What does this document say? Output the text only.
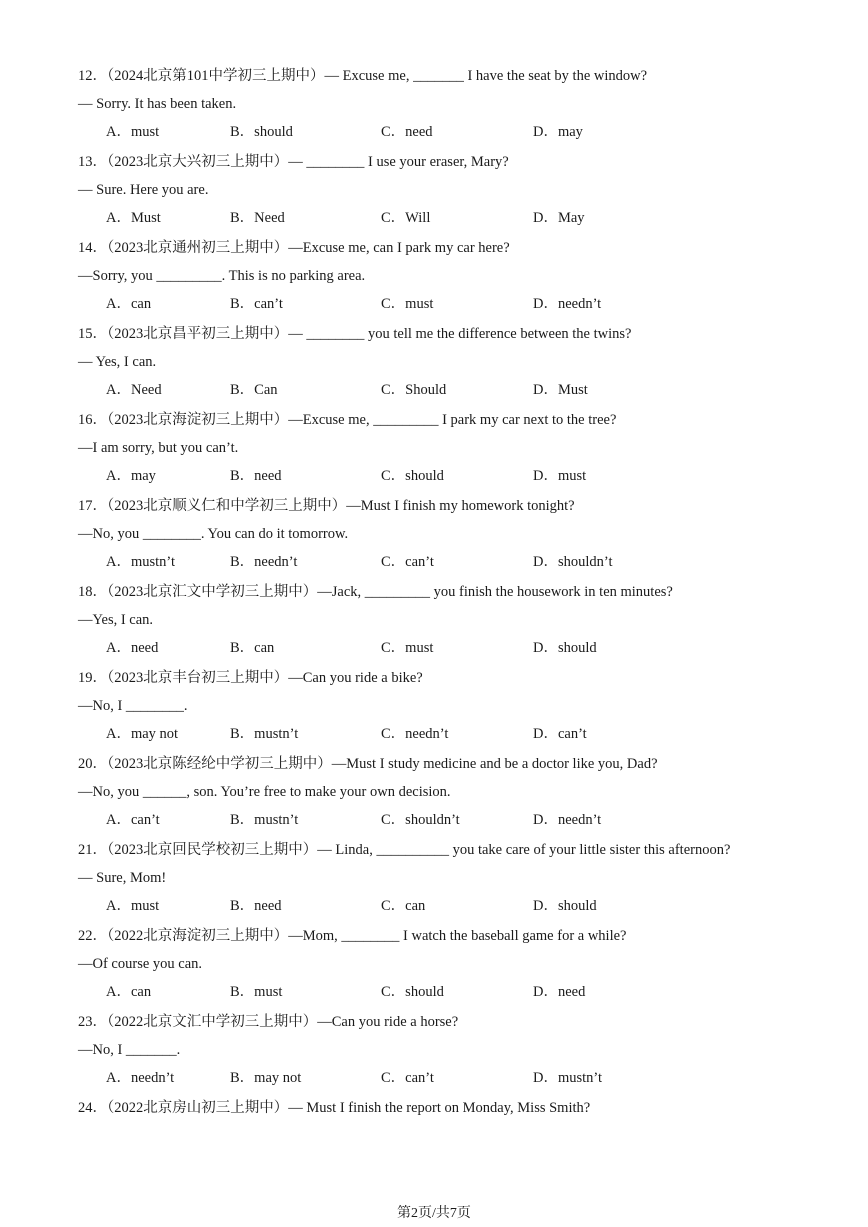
12．（2024北京第101中学初三上期中）— Excuse me, _______ I have the seat by the window?
— Sorry. It has been taken.
A．must	B．should	C．need	D．may
13．（2023北京大兴初三上期中）— ________ I use your eraser, Mary?
— Sure. Here you are.
A．Must	B．Need	C．Will	D．May
14．（2023北京通州初三上期中）—Excuse me, can I park my car here?
—Sorry, you _________. This is no parking area.
A．can	B．can’t	C．must	D．needn’t
15．（2023北京昌平初三上期中）— ________ you tell me the difference between the twins?
— Yes, I can.
A．Need	B．Can	C．Should	D．Must
16．（2023北京海淀初三上期中）—Excuse me, _________ I park my car next to the tree?
—I am sorry, but you can’t.
A．may	B．need	C．should	D．must
17．（2023北京顺义仁和中学初三上期中）—Must I finish my homework tonight?
—No, you ________. You can do it tomorrow.
A．mustn’t	B．needn’t	C．can’t	D．shouldn’t
18．（2023北京汇文中学初三上期中）—Jack, _________ you finish the housework in ten minutes?
—Yes, I can.
A．need	B．can	C．must	D．should
19．（2023北京丰台初三上期中）—Can you ride a bike?
—No, I ________.
A．may not	B．mustn’t	C．needn’t	D．can’t
20．（2023北京陈经纶中学初三上期中）—Must I study medicine and be a doctor like you, Dad?
—No, you ______, son. You’re free to make your own decision.
A．can’t	B．mustn’t	C．shouldn’t	D．needn’t
21．（2023北京回民学校初三上期中）— Linda, __________ you take care of your little sister this afternoon?
— Sure, Mom!
A．must	B．need	C．can	D．should
22．（2022北京海淀初三上期中）—Mom, ________ I watch the baseball game for a while?
—Of course you can.
A．can	B．must	C．should	D．need
23．（2022北京文汇中学初三上期中）—Can you ride a horse?
—No, I _______.
A．needn’t	B．may not	C．can’t	D．mustn’t
24．（2022北京房山初三上期中）— Must I finish the report on Monday, Miss Smith?
第2页/共7页
